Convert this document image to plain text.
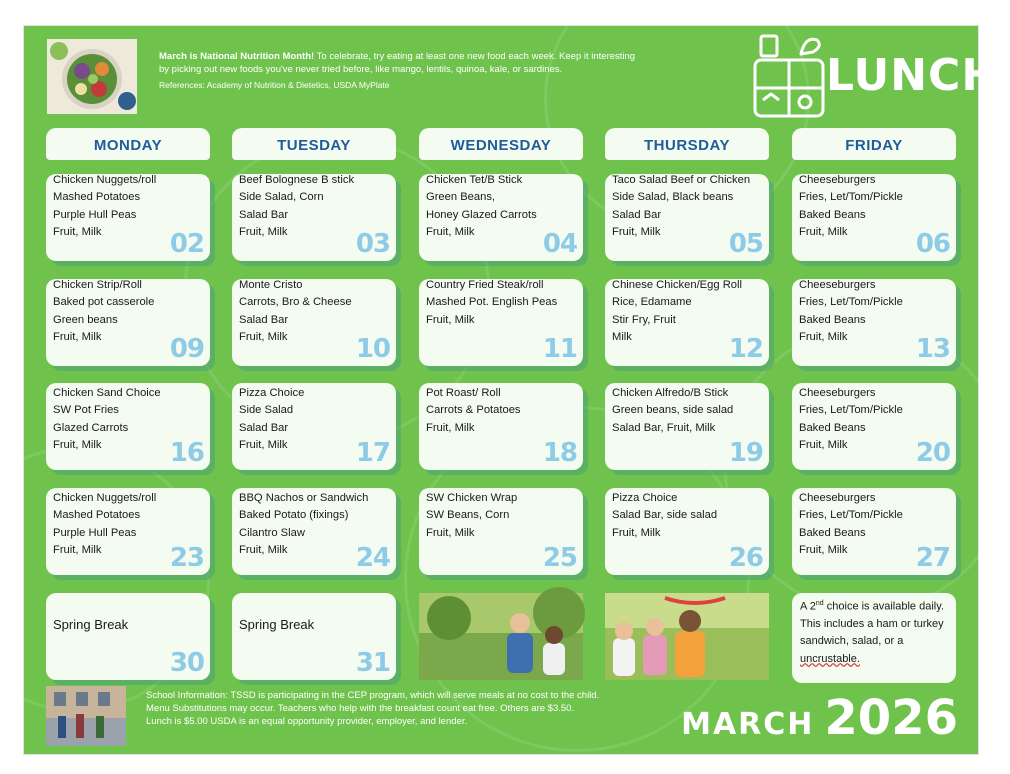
March is National Nutrition Month! To celebrate, try eating at least one new food each week. Keep it interesting by picking out new foods you've never tried before, like mango, lentils, quinoa, kale, or sardines.
References: Academy of Nutrition & Dietetics, USDA MyPlate	LUNCH
MONDAY	TUESDAY	WEDNESDAY	THURSDAY	FRIDAY
Chicken Nuggets/roll
Mashed Potatoes
Purple Hull Peas
Fruit, Milk	02
Beef Bolognese B stick
Side Salad, Corn
Salad Bar
Fruit, Milk	03
Chicken Tet/B Stick
Green Beans,
Honey Glazed Carrots
Fruit, Milk	04
Taco Salad Beef or Chicken
Side Salad, Black beans
Salad Bar
Fruit, Milk	05
Cheeseburgers
Fries, Let/Tom/Pickle
Baked Beans
Fruit, Milk	06
Chicken Strip/Roll
Baked pot casserole
Green beans
Fruit, Milk	09
Monte Cristo
Carrots, Bro & Cheese
Salad Bar
Fruit, Milk	10
Country Fried Steak/roll
Mashed Pot. English Peas
Fruit, Milk
11
Chinese Chicken/Egg Roll
Rice, Edamame
Stir Fry, Fruit
Milk	12
Cheeseburgers
Fries, Let/Tom/Pickle
Baked Beans
Fruit, Milk	13
Chicken Sand Choice
SW Pot Fries
Glazed Carrots
Fruit, Milk	16
Pizza Choice
Side Salad
Salad Bar
Fruit, Milk	17
Pot Roast/ Roll
Carrots & Potatoes
Fruit, Milk
18
Chicken Alfredo/B Stick
Green beans, side salad
Salad Bar, Fruit, Milk
19
Cheeseburgers
Fries, Let/Tom/Pickle
Baked Beans
Fruit, Milk	20
Chicken Nuggets/roll
Mashed Potatoes
Purple Hull Peas
Fruit, Milk	23
BBQ Nachos or Sandwich
Baked Potato (fixings)
Cilantro Slaw
Fruit, Milk	24
SW Chicken Wrap
SW Beans, Corn
Fruit, Milk
25
Pizza Choice
Salad Bar, side salad
Fruit, Milk
26
Cheeseburgers
Fries, Let/Tom/Pickle
Baked Beans
Fruit, Milk	27
Spring Break
30
Spring Break
31
A 2nd choice is available daily. This includes a ham or turkey sandwich, salad, or a uncrustable.
School Information: TSSD is participating in the CEP program, which will serve meals at no cost to the child.
Menu Substitutions may occur. Teachers who help with the breakfast count eat free. Others are $3.50.
Lunch is $5.00 USDA is an equal opportunity provider, employer, and lender.	MARCH 2026
